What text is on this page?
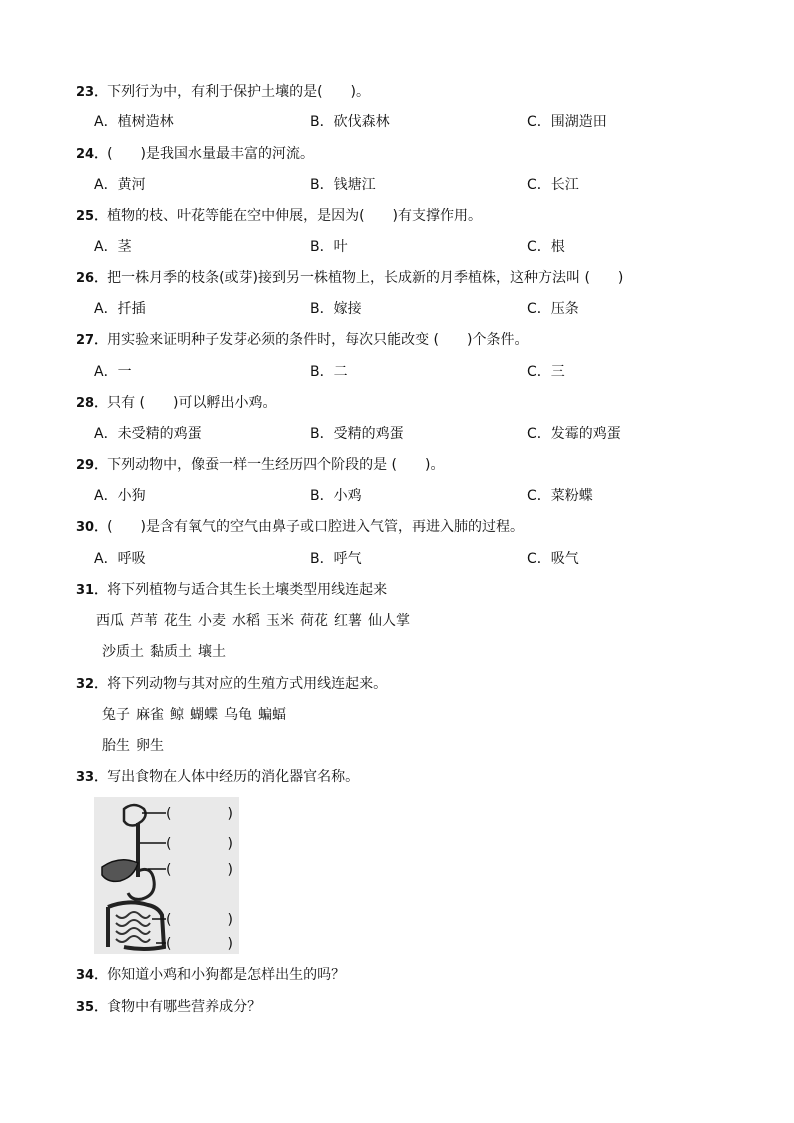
23．下列行为中，有利于保护土壤的是(　　)。
A．植树造林	B．砍伐森林	C．围湖造田
24．(　　)是我国水量最丰富的河流。
A．黄河	B．钱塘江	C．长江
25．植物的枝、叶花等能在空中伸展，是因为(　　)有支撑作用。
A．茎	B．叶	C．根
26．把一株月季的枝条(或芽)接到另一株植物上，长成新的月季植株，这种方法叫 (　　)
A．扦插	B．嫁接	C．压条
27．用实验来证明种子发芽必须的条件时，每次只能改变 (　　)个条件。
A．一	B．二	C．三
28．只有 (　　)可以孵出小鸡。
A．未受精的鸡蛋	B．受精的鸡蛋	C．发霉的鸡蛋
29．下列动物中，像蚕一样一生经历四个阶段的是 (　　)。
A．小狗	B．小鸡	C．菜粉蝶
30．(　　)是含有氧气的空气由鼻子或口腔进入气管，再进入肺的过程。
A．呼吸	B．呼气	C．吸气
31．将下列植物与适合其生长土壤类型用线连起来
西瓜 芦苇 花生 小麦 水稻 玉米 荷花 红薯 仙人掌
沙质土 黏质土 壤土
32．将下列动物与其对应的生殖方式用线连起来。
兔子 麻雀 鲸 蝴蝶 乌龟 蝙蝠
胎生 卵生
33．写出食物在人体中经历的消化器官名称。
(　　　　)
(　　　　)
(　　　　)
(　　　　)
(　　　　)
34．你知道小鸡和小狗都是怎样出生的吗？
35．食物中有哪些营养成分？
